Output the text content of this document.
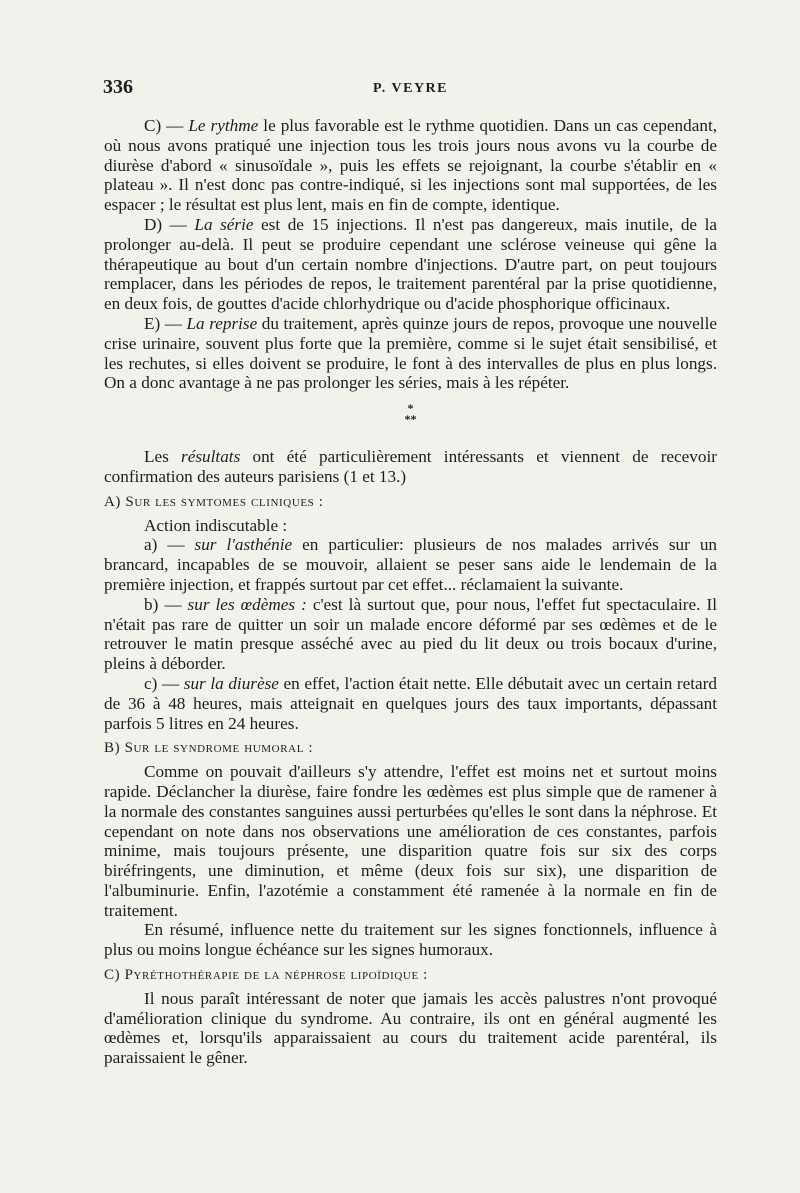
336	P. VEYRE

C) — Le rythme le plus favorable est le rythme quotidien. Dans un cas cependant, où nous avons pratiqué une injection tous les trois jours nous avons vu la courbe de diurèse d'abord « sinusoïdale », puis les effets se rejoignant, la courbe s'établir en « plateau ». Il n'est donc pas contre-indiqué, si les injections sont mal supportées, de les espacer ; le résultat est plus lent, mais en fin de compte, identique.

D) — La série est de 15 injections. Il n'est pas dangereux, mais inutile, de la prolonger au-delà. Il peut se produire cependant une sclérose veineuse qui gêne la thérapeutique au bout d'un certain nombre d'injections. D'autre part, on peut toujours remplacer, dans les périodes de repos, le traitement parentéral par la prise quotidienne, en deux fois, de gouttes d'acide chlorhydrique ou d'acide phosphorique officinaux.

E) — La reprise du traitement, après quinze jours de repos, provoque une nouvelle crise urinaire, souvent plus forte que la première, comme si le sujet était sensibilisé, et les rechutes, si elles doivent se produire, le font à des intervalles de plus en plus longs. On a donc avantage à ne pas prolonger les séries, mais à les répéter.

*
**

Les résultats ont été particulièrement intéressants et viennent de recevoir confirmation des auteurs parisiens (1 et 13.)

A) Sur les symtomes cliniques :

Action indiscutable :

a) — sur l'asthénie en particulier: plusieurs de nos malades arrivés sur un brancard, incapables de se mouvoir, allaient se peser sans aide le lendemain de la première injection, et frappés surtout par cet effet... réclamaient la suivante.

b) — sur les œdèmes : c'est là surtout que, pour nous, l'effet fut spectaculaire. Il n'était pas rare de quitter un soir un malade encore déformé par ses œdèmes et de le retrouver le matin presque asséché avec au pied du lit deux ou trois bocaux d'urine, pleins à déborder.

c) — sur la diurèse en effet, l'action était nette. Elle débutait avec un certain retard de 36 à 48 heures, mais atteignait en quelques jours des taux importants, dépassant parfois 5 litres en 24 heures.

B) Sur le syndrome humoral :

Comme on pouvait d'ailleurs s'y attendre, l'effet est moins net et surtout moins rapide. Déclancher la diurèse, faire fondre les œdèmes est plus simple que de ramener à la normale des constantes sanguines aussi perturbées qu'elles le sont dans la néphrose. Et cependant on note dans nos observations une amélioration de ces constantes, parfois minime, mais toujours présente, une disparition quatre fois sur six des corps biréfringents, une diminution, et même (deux fois sur six), une disparition de l'albuminurie. Enfin, l'azotémie a constamment été ramenée à la normale en fin de traitement.

En résumé, influence nette du traitement sur les signes fonctionnels, influence à plus ou moins longue échéance sur les signes humoraux.

C) Pyréthothérapie de la néphrose lipoïdique :

Il nous paraît intéressant de noter que jamais les accès palustres n'ont provoqué d'amélioration clinique du syndrome. Au contraire, ils ont en général augmenté les œdèmes et, lorsqu'ils apparaissaient au cours du traitement acide parentéral, ils paraissaient le gêner.
